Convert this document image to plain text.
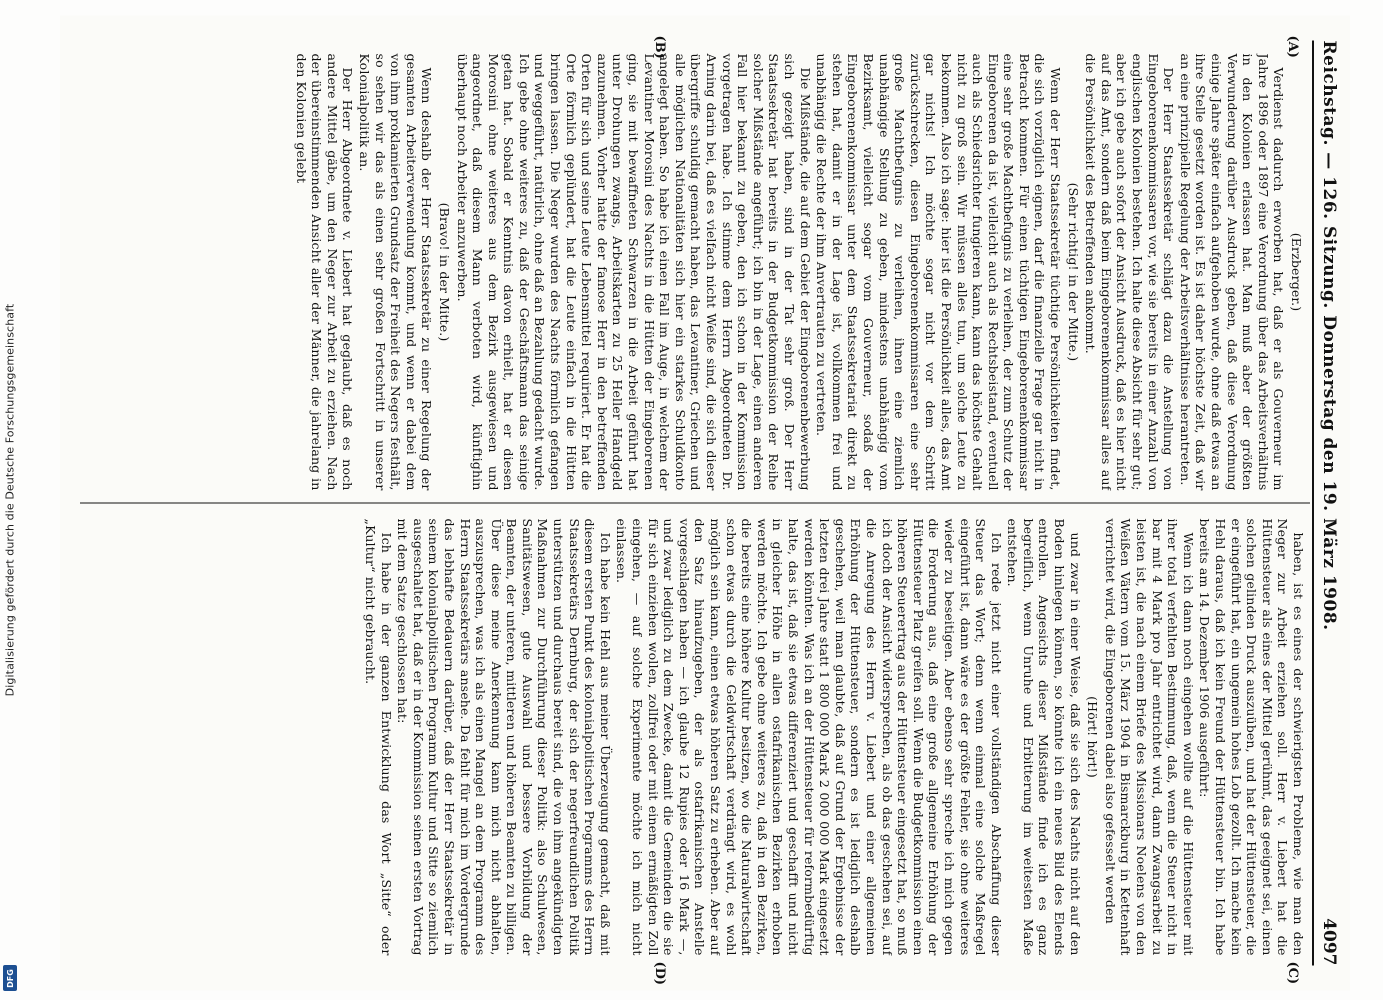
Digitalisierung gefördert durch die Deutsche Forschungsgemeinschaft
DFG
Reichstag. — 126. Sitzung. Donnerstag den 19. März 1908.
4097
(A)
(B)
(C)
(D)

(Erzberger.)

Verdienst dadurch erworben hat, daß er als Gouverneur im Jahre 1896 oder 1897 eine Verordnung über das Arbeitsverhältnis in den Kolonien erlassen hat. Man muß aber der größten Verwunderung darüber Ausdruck geben, daß diese Verordnung einige Jahre später einfach aufgehoben wurde, ohne daß etwas an ihre Stelle gesetzt worden ist. Es ist daher höchste Zeit, daß wir an eine prinzipielle Regelung der Arbeitsverhältnisse herantreten.

Der Herr Staatssekretär schlägt dazu die Anstellung von Eingeborenenkommissaren vor, wie sie bereits in einer Anzahl von englischen Kolonien bestehen. Ich halte diese Absicht für sehr gut; aber ich gebe auch sofort der Ansicht Ausdruck, daß es hier nicht auf das Amt, sondern daß beim Eingeborenenkommissar alles auf die Persönlichkeit des Betreffenden ankommt.

(Sehr richtig! in der Mitte.)

Wenn der Herr Staatssekretär tüchtige Persönlichkeiten findet, die sich vorzüglich eignen, darf die finanzielle Frage gar nicht in Betracht kommen. Für einen tüchtigen Eingeborenenkommissar eine sehr große Machtbefugnis zu verleihen, der zum Schutz der Eingeborenen da ist, vielleicht auch als Rechtsbeistand, eventuell auch als Schiedsrichter fungieren kann, kann das höchste Gehalt nicht zu groß sein. Wir müssen alles tun, um solche Leute zu bekommen. Also ich sage: hier ist die Persönlichkeit alles, das Amt gar nichts! Ich möchte sogar nicht vor dem Schritt zurückschrecken, diesen Eingeborenenkommissaren eine sehr große Machtbefugnis zu verleihen, ihnen eine ziemlich unabhängige Stellung zu geben, mindestens unabhängig vom Bezirksamt, vielleicht sogar vom Gouverneur, sodaß der Eingeborenenkommissar unter dem Staatssekretariat direkt zu stehen hat, damit er in der Lage ist, vollkommen frei und unabhängig die Rechte der ihm Anvertrauten zu vertreten.

Die Mißstände, die auf dem Gebiet der Eingeborenenbewerbung sich gezeigt haben, sind in der Tat sehr groß. Der Herr Staatssekretär hat bereits in der Budgetkommission der Reihe solcher Mißstände angeführt; ich bin in der Lage, einen anderen Fall hier bekannt zu geben, den ich schon in der Kommission vorgetragen habe. Ich stimme dem Herrn Abgeordneten Dr. Arning darin bei, daß es vielfach nicht Weiße sind, die sich dieser übergriffe schuldig gemacht haben, das Levantiner, Griechen und alle möglichen Nationalitäten sich hier ein starkes Schuldkonto angelegt haben. So habe ich einen Fall im Auge, in welchem der Levantiner Morosini des Nachts in die Hütten der Eingeborenen ging, sie mit bewaffneten Schwarzen in die Arbeit geführt hat unter Drohungen zwangs, Arbeitskarten zu 25 Heller Handgeld anzunehmen. Vorher hatte der famose Herr in den betreffenden Orten für sich und seine Leute Lebensmittel requiriert. Er hat die Orte förmlich geplündert, hat die Leute einfach in die Hütten bringen lassen. Die Neger wurden des Nachts förmlich gefangen und weggeführt, natürlich, ohne daß an Bezahlung gedacht wurde. Ich gebe ohne weiteres zu, daß der Geschäftsmann das seinige getan hat. Sobald er Kenntnis davon erhielt, hat er diesen Morosini ohne weiteres aus dem Bezirk ausgewiesen und angeordnet, daß diesem Mann verboten wird, künftighin überhaupt noch Arbeiter anzuwerben.

(Bravo! in der Mitte.)

Wenn deshalb der Herr Staatssekretär zu einer Regelung der gesamten Arbeiterverwendung kommt, und wenn er dabei dem von ihm proklamierten Grundsatz der Freiheit des Negers festhält, so sehen wir das als einen sehr großen Fortschritt in unserer Kolonialpolitik an.

Der Herr Abgeordnete v. Liebert hat geglaubt, daß es noch andere Mittel gäbe, um den Neger zur Arbeit zu erziehen. Nach der übereinstimmenden Ansicht aller der Männer, die jahrelang in den Kolonien gelebt

haben, ist es eines der schwierigsten Probleme, wie man den Neger zur Arbeit erziehen soll. Herr v. Liebert hat die Hüttensteuer als eines der Mittel gerühmt, das geeignet sei, einen solchen gelinden Druck auszuüben, und hat der Hüttensteuer, die er eingeführt hat, ein ungemein hohes Lob gezollt. Ich mache kein Hehl daraus, daß ich kein Freund der Hüttensteuer bin. Ich habe bereits am 14. Dezember 1906 ausgeführt:

Wenn ich dann noch eingehen wollte auf die Hüttensteuer mit ihrer total verfehlten Bestimmung, daß, wenn die Steuer nicht in bar mit 4 Mark pro Jahr entrichtet wird, dann Zwangsarbeit zu leisten ist, die nach einem Briefe des Missionars Noelens von den Weißen Vätern vom 15. März 1904 in Bismarckburg in Kettenhaft verrichtet wird, die Eingeborenen dabei also gefesselt werden

(Hört! hört!)

und zwar in einer Weise, daß sie sich des Nachts nicht auf den Boden hinlegen können, so könnte ich ein neues Bild des Elends entrollen. Angesichts dieser Mißstände finde ich es ganz begreiflich, wenn Unruhe und Erbitterung im weitesten Maße entstehen.

Ich rede jetzt nicht einer vollständigen Abschaffung dieser Steuer das Wort; denn wenn einmal eine solche Maßregel eingeführt ist, dann wäre es der größte Fehler, sie ohne weiteres wieder zu beseitigen. Aber ebenso sehr spreche ich mich gegen die Forderung aus, daß eine große allgemeine Erhöhung der Hüttensteuer Platz greifen soll. Wenn die Budgetkommission einen höheren Steuerertrag aus der Hüttensteuer eingesetzt hat, so muß ich doch der Ansicht widersprechen, als ob das geschehen sei, auf die Anregung des Herrn v. Liebert und einer allgemeinen Erhöhung der Hüttensteuer, sondern es ist lediglich deshalb geschehen, weil man glaubte, daß auf Grund der Ergebnisse der letzten drei Jahre statt 1 800 000 Mark 2 000 000 Mark eingesetzt werden könnten. Was ich an der Hüttensteuer für reformbedürftig halte, das ist, daß sie etwas differenziert und geschafft und nicht in gleicher Höhe in allen ostafrikanischen Bezirken erhoben werden möchte. Ich gebe ohne weiteres zu, daß in den Bezirken, die bereits eine höhere Kultur besitzen, wo die Naturalwirtschaft schon etwas durch die Geldwirtschaft verdrängt wird, es wohl möglich sein kann, einen etwas höheren Satz zu erheben. Aber auf den Satz hinaufzugeben, der als ostafrikanischen Anstelle vorgeschlagen haben — ich glaube 12 Rupies oder 16 Mark —, und zwar lediglich zu dem Zwecke, damit die Gemeinden die sie für sich einziehen wollen, zollfrei oder mit einem ermäßigten Zoll eingehen, — auf solche Experimente möchte ich mich nicht einlassen.

Ich habe kein Hehl aus meiner Überzeugung gemacht, daß mit diesem ersten Punkt des kolonialpolitischen Programms des Herrn Staatssekretärs Dernburg, der sich der negerfreundlichen Politik unterstützen und durchaus bereit sind, die von ihm angekündigten Maßnahmen zur Durchführung dieser Politik: also Schulwesen, Sanitätswesen, gute Auswahl und bessere Vorbildung der Beamten, der unteren, mittleren und höheren Beamten zu billigen. Über diese meine Anerkennung kann mich nicht abhalten, auszusprechen, was ich als einen Mangel an dem Programm des Herrn Staatssekretärs ansehe. Da fehlt für mich im Vordergrunde das lebhafte Bedauern darüber, daß der Herr Staatssekretär in seinem kolonialpolitischen Programm Kultur und Sitte so ziemlich ausgeschaltet hat, daß er in der Kommission seinen ersten Vortrag mit dem Satze geschlossen hat:

Ich habe in der ganzen Entwicklung das Wort „Sitte“ oder „Kultur“ nicht gebraucht.
